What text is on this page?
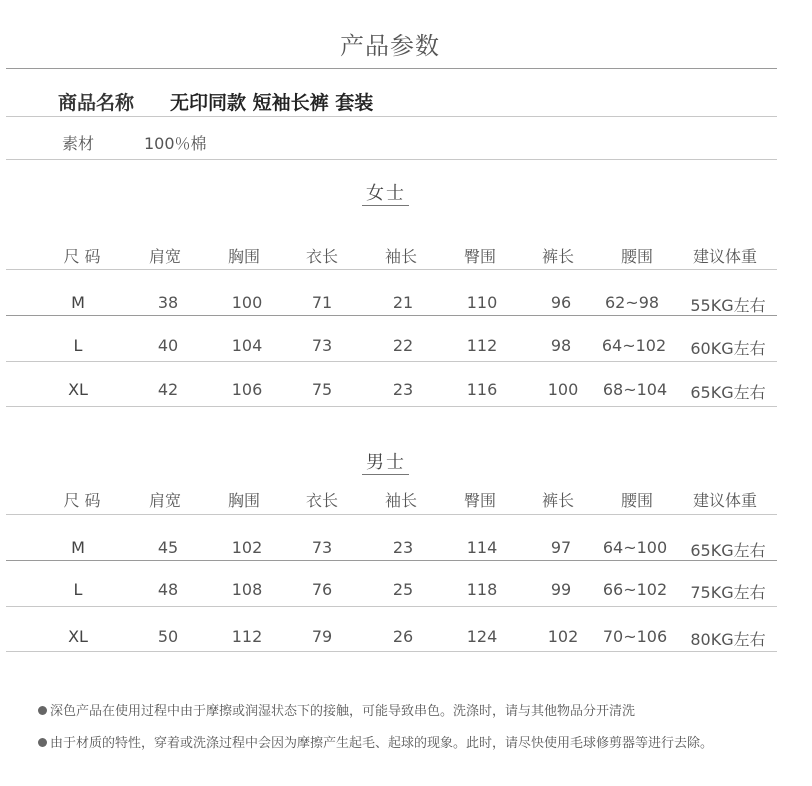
产品参数
商品名称 无印同款 短袖长裤 套装
素材	100％棉
女士
尺 码	肩宽	胸围	衣长	袖长	臀围	裤长	腰围 建议体重
M	38	100	71	21	110	96 62~98 55KG左右
L	40	104	73	22	112	98 64~102 60KG左右
XL	42	106	75	23	116	100 68~104 65KG左右
男士
尺 码	肩宽	胸围	衣长	袖长	臀围	裤长	腰围 建议体重
M	45	102	73	23	114	97 64~100 65KG左右
L	48	108	76	25	118	99 66~102 75KG左右
XL	50	112	79	26	124	102 70~106 80KG左右
深色产品在使用过程中由于摩擦或润湿状态下的接触，可能导致串色。洗涤时，请与其他物品分开清洗
由于材质的特性，穿着或洗涤过程中会因为摩擦产生起毛、起球的现象。此时，请尽快使用毛球修剪器等进行去除。
